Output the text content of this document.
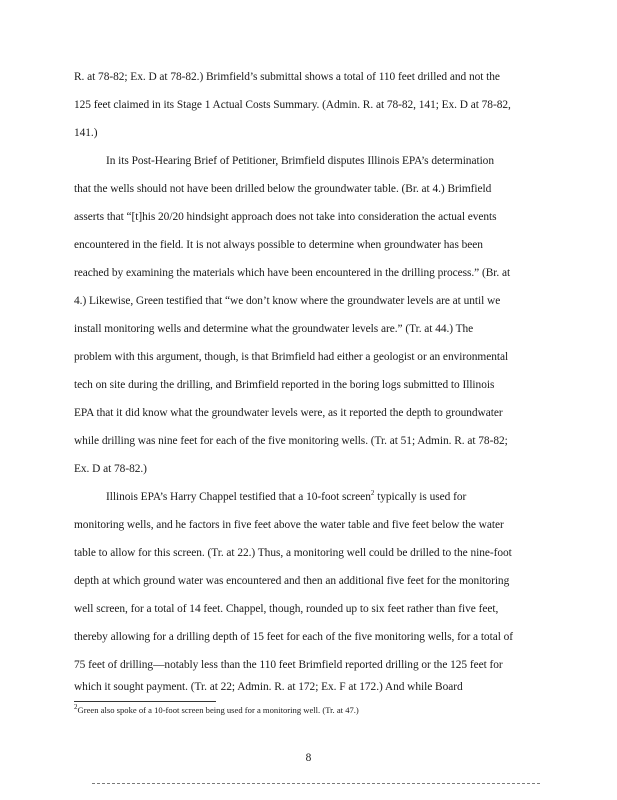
R. at 78-82; Ex. D at 78-82.) Brimfield’s submittal shows a total of 110 feet drilled and not the
125 feet claimed in its Stage 1 Actual Costs Summary. (Admin. R. at 78-82, 141; Ex. D at 78-82,
141.)
In its Post-Hearing Brief of Petitioner, Brimfield disputes Illinois EPA’s determination
that the wells should not have been drilled below the groundwater table. (Br. at 4.) Brimfield
asserts that “[t]his 20/20 hindsight approach does not take into consideration the actual events
encountered in the field. It is not always possible to determine when groundwater has been
reached by examining the materials which have been encountered in the drilling process.” (Br. at
4.) Likewise, Green testified that “we don’t know where the groundwater levels are at until we
install monitoring wells and determine what the groundwater levels are.” (Tr. at 44.) The
problem with this argument, though, is that Brimfield had either a geologist or an environmental
tech on site during the drilling, and Brimfield reported in the boring logs submitted to Illinois
EPA that it did know what the groundwater levels were, as it reported the depth to groundwater
while drilling was nine feet for each of the five monitoring wells. (Tr. at 51; Admin. R. at 78-82;
Ex. D at 78-82.)
Illinois EPA’s Harry Chappel testified that a 10-foot screen$^2$ typically is used for
monitoring wells, and he factors in five feet above the water table and five feet below the water
table to allow for this screen. (Tr. at 22.) Thus, a monitoring well could be drilled to the nine-foot
depth at which ground water was encountered and then an additional five feet for the monitoring
well screen, for a total of 14 feet. Chappel, though, rounded up to six feet rather than five feet,
thereby allowing for a drilling depth of 15 feet for each of the five monitoring wells, for a total of
75 feet of drilling—notably less than the 110 feet Brimfield reported drilling or the 125 feet for
which it sought payment. (Tr. at 22; Admin. R. at 172; Ex. F at 172.) And while Board
$^2$Green also spoke of a 10-foot screen being used for a monitoring well. (Tr. at 47.)
8
